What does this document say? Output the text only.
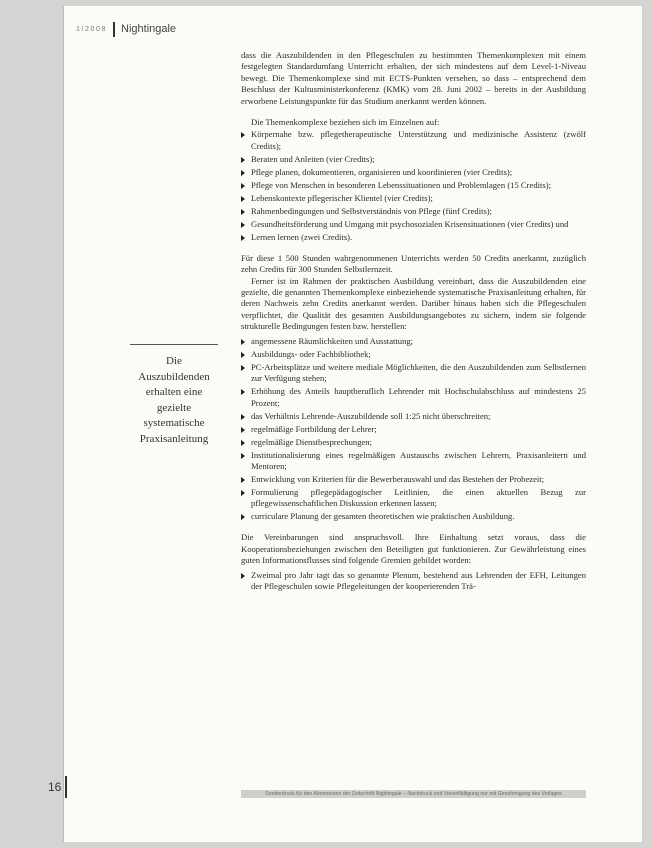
1/2008 Nightingale
Die
Auszubildenden
erhalten eine
gezielte
systematische
Praxisanleitung

dass die Auszubildenden in den Pflegeschulen zu bestimmten Themenkomplexen mit einem festgelegten Standardumfang Unterricht erhalten, der sich mindestens auf dem Level-1-Niveau bewegt. Die Themenkomplexe sind mit ECTS-Punkten versehen, so dass – entsprechend dem Beschluss der Kultusministerkonferenz (KMK) vom 28. Juni 2002 – bereits in der Ausbildung erworbene Leistungspunkte für das Studium anerkannt werden können.

Die Themenkomplexe beziehen sich im Einzelnen auf:

Körpernahe bzw. pflegetherapeutische Unterstützung und medizinische Assistenz (zwölf Credits);
Beraten und Anleiten (vier Credits);
Pflege planen, dokumentieren, organisieren und koordinieren (vier Credits);
Pflege von Menschen in besonderen Lebenssituationen und Problemlagen (15 Credits);
Lebenskontexte pflegerischer Klientel (vier Credits);
Rahmenbedingungen und Selbstverständnis von Pflege (fünf Credits);
Gesundheitsförderung und Umgang mit psychosozialen Krisensituationen (vier Credits) und
Lernen lernen (zwei Credits).

Für diese 1 500 Stunden wahrgenommenen Unterrichts werden 50 Credits anerkannt, zuzüglich zehn Credits für 300 Stunden Selbstlernzeit.

Ferner ist im Rahmen der praktischen Ausbildung vereinbart, dass die Auszubildenden eine gezielte, die genannten Themenkomplexe einbeziehende systematische Praxisanleitung erhalten, für deren Nachweis zehn Credits anerkannt werden. Darüber hinaus haben sich die Pflegeschulen verpflichtet, die Qualität des gesamten Ausbildungsangebotes zu sichern, indem sie folgende strukturelle Bedingungen festen bzw. herstellen:

angemessene Räumlichkeiten und Ausstattung;
Ausbildungs- oder Fachbibliothek;
PC-Arbeitsplätze und weitere mediale Möglichkeiten, die den Auszubildenden zum Selbstlernen zur Verfügung stehen;
Erhöhung des Anteils hauptberuflich Lehrender mit Hochschulabschluss auf mindestens 25 Prozent;
das Verhältnis Lehrende-Auszubildende soll 1:25 nicht überschreiten;
regelmäßige Fortbildung der Lehrer;
regelmäßige Dienstbesprechungen;
Institutionalisierung eines regelmäßigen Austauschs zwischen Lehrern, Praxisanleitern und Mentoren;
Entwicklung von Kriterien für die Bewerberauswahl und das Bestehen der Probezeit;
Formulierung pflegepädagogischer Leitlinien, die einen aktuellen Bezug zur pflegewissenschaftlichen Diskussion erkennen lassen;
curriculare Planung der gesamten theoretischen wie praktischen Ausbildung.

Die Vereinbarungen sind anspruchsvoll. Ihre Einhaltung setzt voraus, dass die Kooperationsbeziehungen zwischen den Beteiligten gut funktionieren. Zur Gewährleistung eines guten Informationsflusses sind folgende Gremien gebildet worden:

Zweimal pro Jahr tagt das so genannte Plenum, bestehend aus Lehrenden der EFH, Leitungen der Pflegeschulen sowie Pflegeleitungen der kooperierenden Trä-
Sonderdruck für den Abonnenten der Zeitschrift Nightingale – Nachdruck und Vervielfältigung nur mit Genehmigung des Verlages
16
